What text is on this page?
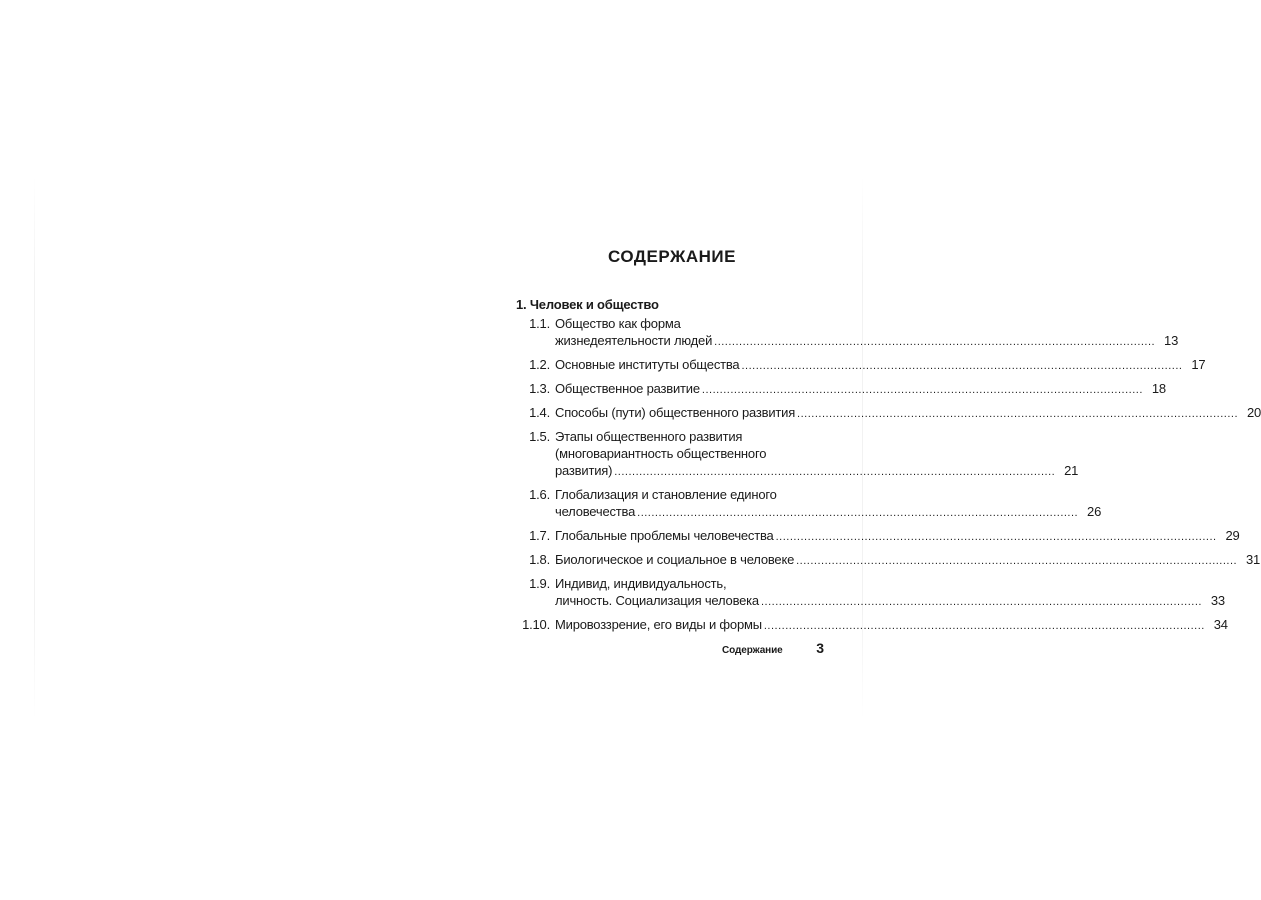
СОДЕРЖАНИЕ
1. Человек и общество
1.1. Общество как форма
жизнедеятельности людей .....	13
1.2. Основные институты общества .....	17
1.3. Общественное развитие .....	18
1.4. Способы (пути) общественного развития .....	20
1.5. Этапы общественного развития
(многовариантность общественного
развития) .....	21
1.6. Глобализация и становление единого
человечества .....	26
1.7. Глобальные проблемы человечества .....	29
1.8. Биологическое и социальное в человеке .....	31
1.9. Индивид, индивидуальность,
личность. Социализация человека .....	33
1.10. Мировоззрение, его виды и формы .....	34
Содержание 3
